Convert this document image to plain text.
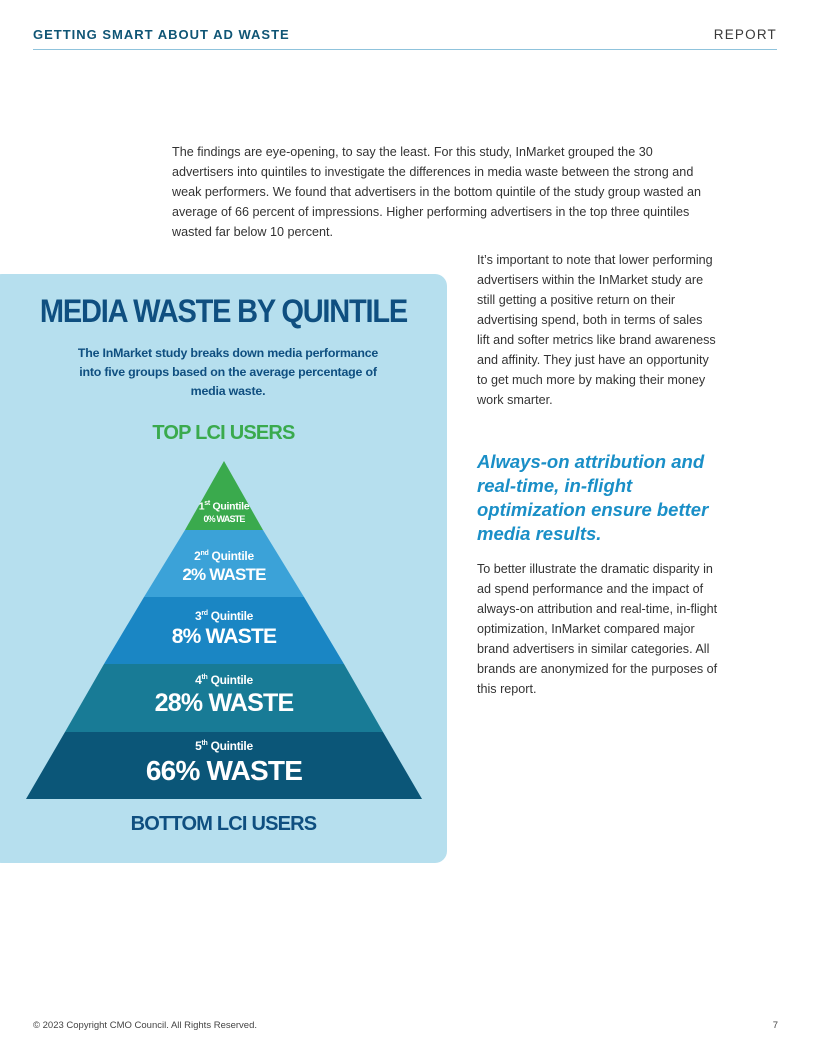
GETTING SMART ABOUT AD WASTE	REPORT
The findings are eye-opening, to say the least. For this study, InMarket grouped the 30 advertisers into quintiles to investigate the differences in media waste between the strong and weak performers. We found that advertisers in the bottom quintile of the study group wasted an average of 66 percent of impressions. Higher performing advertisers in the top three quintiles wasted far below 10 percent.
MEDIA WASTE BY QUINTILE
The InMarket study breaks down media performance into five groups based on the average percentage of media waste.
TOP LCI USERS
1st Quintile
0% WASTE
2nd Quintile
2% WASTE
3rd Quintile
8% WASTE
4th Quintile
28% WASTE
5th Quintile
66% WASTE
BOTTOM LCI USERS
It’s important to note that lower performing advertisers within the InMarket study are still getting a positive return on their advertising spend, both in terms of sales lift and softer metrics like brand awareness and affinity. They just have an opportunity to get much more by making their money work smarter.
Always-on attribution and real-time, in-flight optimization ensure better media results.
To better illustrate the dramatic disparity in ad spend performance and the impact of always-on attribution and real-time, in-flight optimization, InMarket compared major brand advertisers in similar categories. All brands are anonymized for the purposes of this report.
© 2023 Copyright CMO Council. All Rights Reserved.	7
